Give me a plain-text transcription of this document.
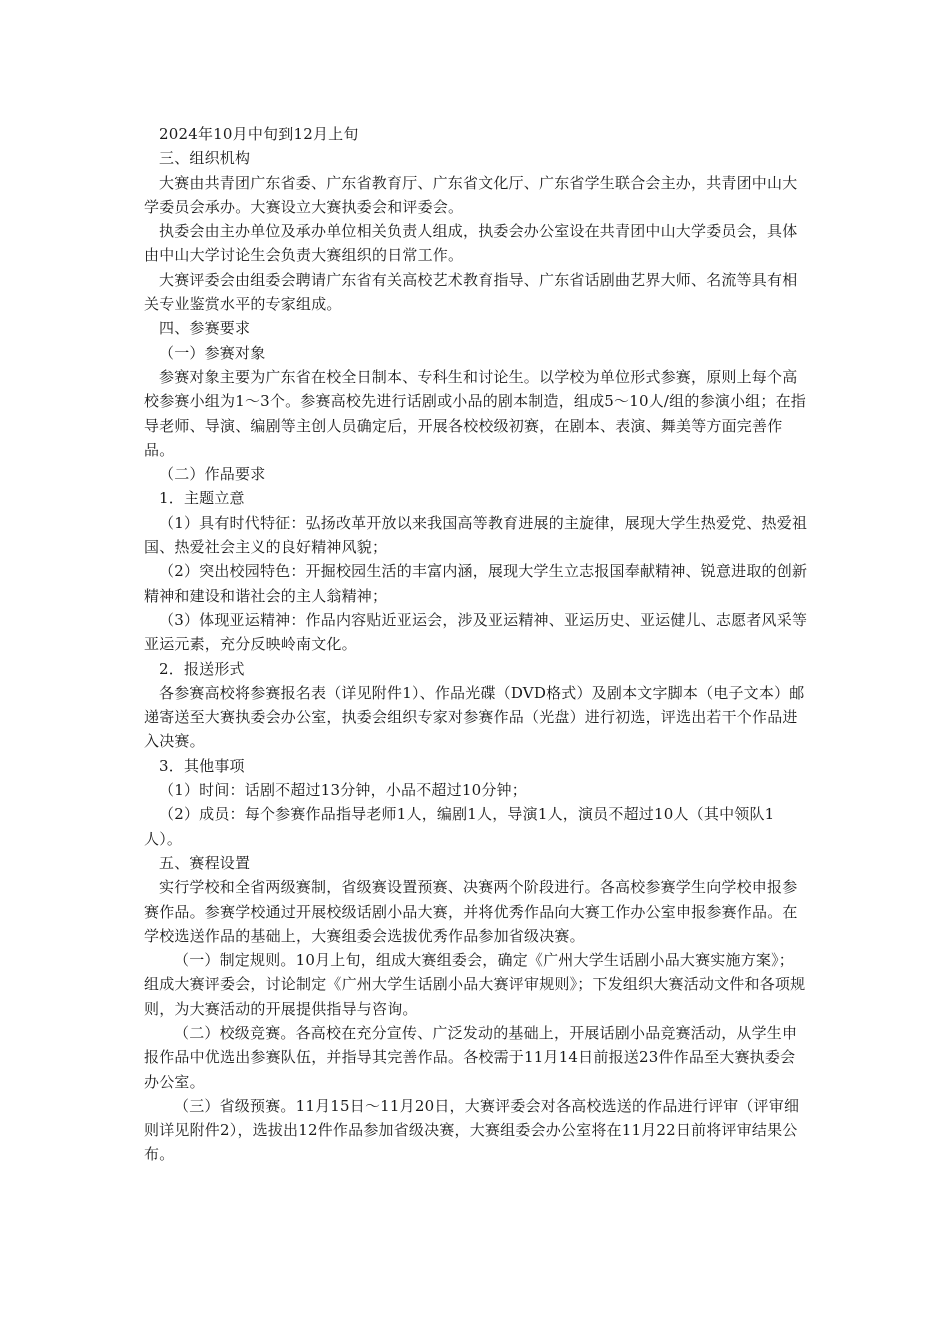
2024年10月中旬到12月上旬

三、组织机构

大赛由共青团广东省委、广东省教育厅、广东省文化厅、广东省学生联合会主办，共青团中山大学委员会承办。大赛设立大赛执委会和评委会。

执委会由主办单位及承办单位相关负责人组成，执委会办公室设在共青团中山大学委员会，具体由中山大学讨论生会负责大赛组织的日常工作。

大赛评委会由组委会聘请广东省有关高校艺术教育指导、广东省话剧曲艺界大师、名流等具有相关专业鉴赏水平的专家组成。

四、参赛要求

（一）参赛对象

参赛对象主要为广东省在校全日制本、专科生和讨论生。以学校为单位形式参赛，原则上每个高校参赛小组为1～3个。参赛高校先进行话剧或小品的剧本制造，组成5～10人/组的参演小组；在指导老师、导演、编剧等主创人员确定后，开展各校校级初赛，在剧本、表演、舞美等方面完善作品。

（二）作品要求

1．主题立意

（1）具有时代特征：弘扬改革开放以来我国高等教育进展的主旋律，展现大学生热爱党、热爱祖国、热爱社会主义的良好精神风貌；

（2）突出校园特色：开掘校园生活的丰富内涵，展现大学生立志报国奉献精神、锐意进取的创新精神和建设和谐社会的主人翁精神；

（3）体现亚运精神：作品内容贴近亚运会，涉及亚运精神、亚运历史、亚运健儿、志愿者风采等亚运元素，充分反映岭南文化。

2．报送形式

各参赛高校将参赛报名表（详见附件1）、作品光碟（DVD格式）及剧本文字脚本（电子文本）邮递寄送至大赛执委会办公室，执委会组织专家对参赛作品（光盘）进行初选，评选出若干个作品进入决赛。

3．其他事项

（1）时间：话剧不超过13分钟，小品不超过10分钟；

（2）成员：每个参赛作品指导老师1人，编剧1人，导演1人，演员不超过10人（其中领队1人）。

五、赛程设置

实行学校和全省两级赛制，省级赛设置预赛、决赛两个阶段进行。各高校参赛学生向学校申报参赛作品。参赛学校通过开展校级话剧小品大赛，并将优秀作品向大赛工作办公室申报参赛作品。在学校选送作品的基础上，大赛组委会选拔优秀作品参加省级决赛。

（一）制定规则。10月上旬，组成大赛组委会，确定《广州大学生话剧小品大赛实施方案》；组成大赛评委会，讨论制定《广州大学生话剧小品大赛评审规则》；下发组织大赛活动文件和各项规则，为大赛活动的开展提供指导与咨询。

（二）校级竞赛。各高校在充分宣传、广泛发动的基础上，开展话剧小品竞赛活动，从学生申报作品中优选出参赛队伍，并指导其完善作品。各校需于11月14日前报送23件作品至大赛执委会办公室。

（三）省级预赛。11月15日～11月20日，大赛评委会对各高校选送的作品进行评审（评审细则详见附件2），选拔出12件作品参加省级决赛，大赛组委会办公室将在11月22日前将评审结果公布。
